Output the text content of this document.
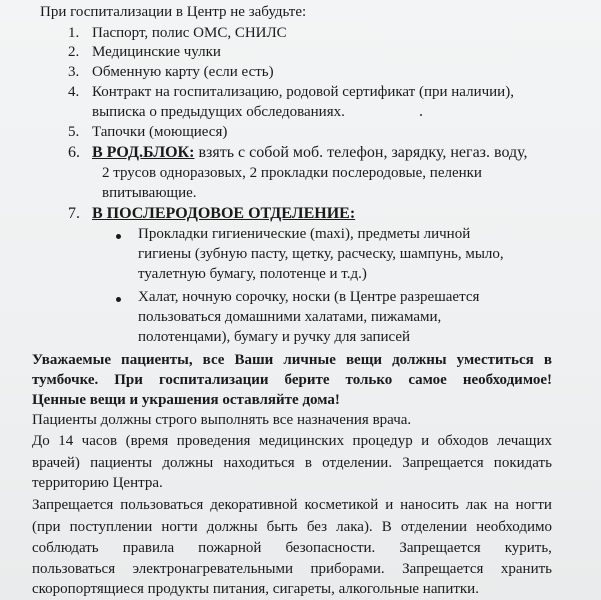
При госпитализации в Центр не забудьте:
1. Паспорт, полис ОМС, СНИЛС
2. Медицинские чулки
3. Обменную карту (если есть)
4. Контракт на госпитализацию, родовой сертификат (при наличии),
выписка о предыдущих обследованиях.
5. Тапочки (моющиеся)
6. В РОД.БЛОК: взять с собой моб. телефон, зарядку, негаз. воду,
2 трусов одноразовых, 2 прокладки послеродовые, пеленки
впитывающие.
7. В ПОСЛЕРОДОВОЕ ОТДЕЛЕНИЕ:
Прокладки гигиенические (maxi), предметы личной
гигиены (зубную пасту, щетку, расческу, шампунь, мыло,
туалетную бумагу, полотенце и т.д.)
Халат, ночную сорочку, носки (в Центре разрешается
пользоваться домашними халатами, пижамами,
полотенцами), бумагу и ручку для записей
Уважаемые пациенты, все Ваши личные вещи должны уместиться в
тумбочке. При госпитализации берите только самое необходимое!
Ценные вещи и украшения оставляйте дома!
Пациенты должны строго выполнять все назначения врача.
До 14 часов (время проведения медицинских процедур и обходов лечащих
врачей) пациенты должны находиться в отделении. Запрещается покидать
территорию Центра.
Запрещается пользоваться декоративной косметикой и наносить лак на ногти
(при поступлении ногти должны быть без лака). В отделении необходимо
соблюдать правила пожарной безопасности. Запрещается курить,
пользоваться электронагревательными приборами. Запрещается хранить
скоропортящиеся продукты питания, сигареты, алкогольные напитки.
